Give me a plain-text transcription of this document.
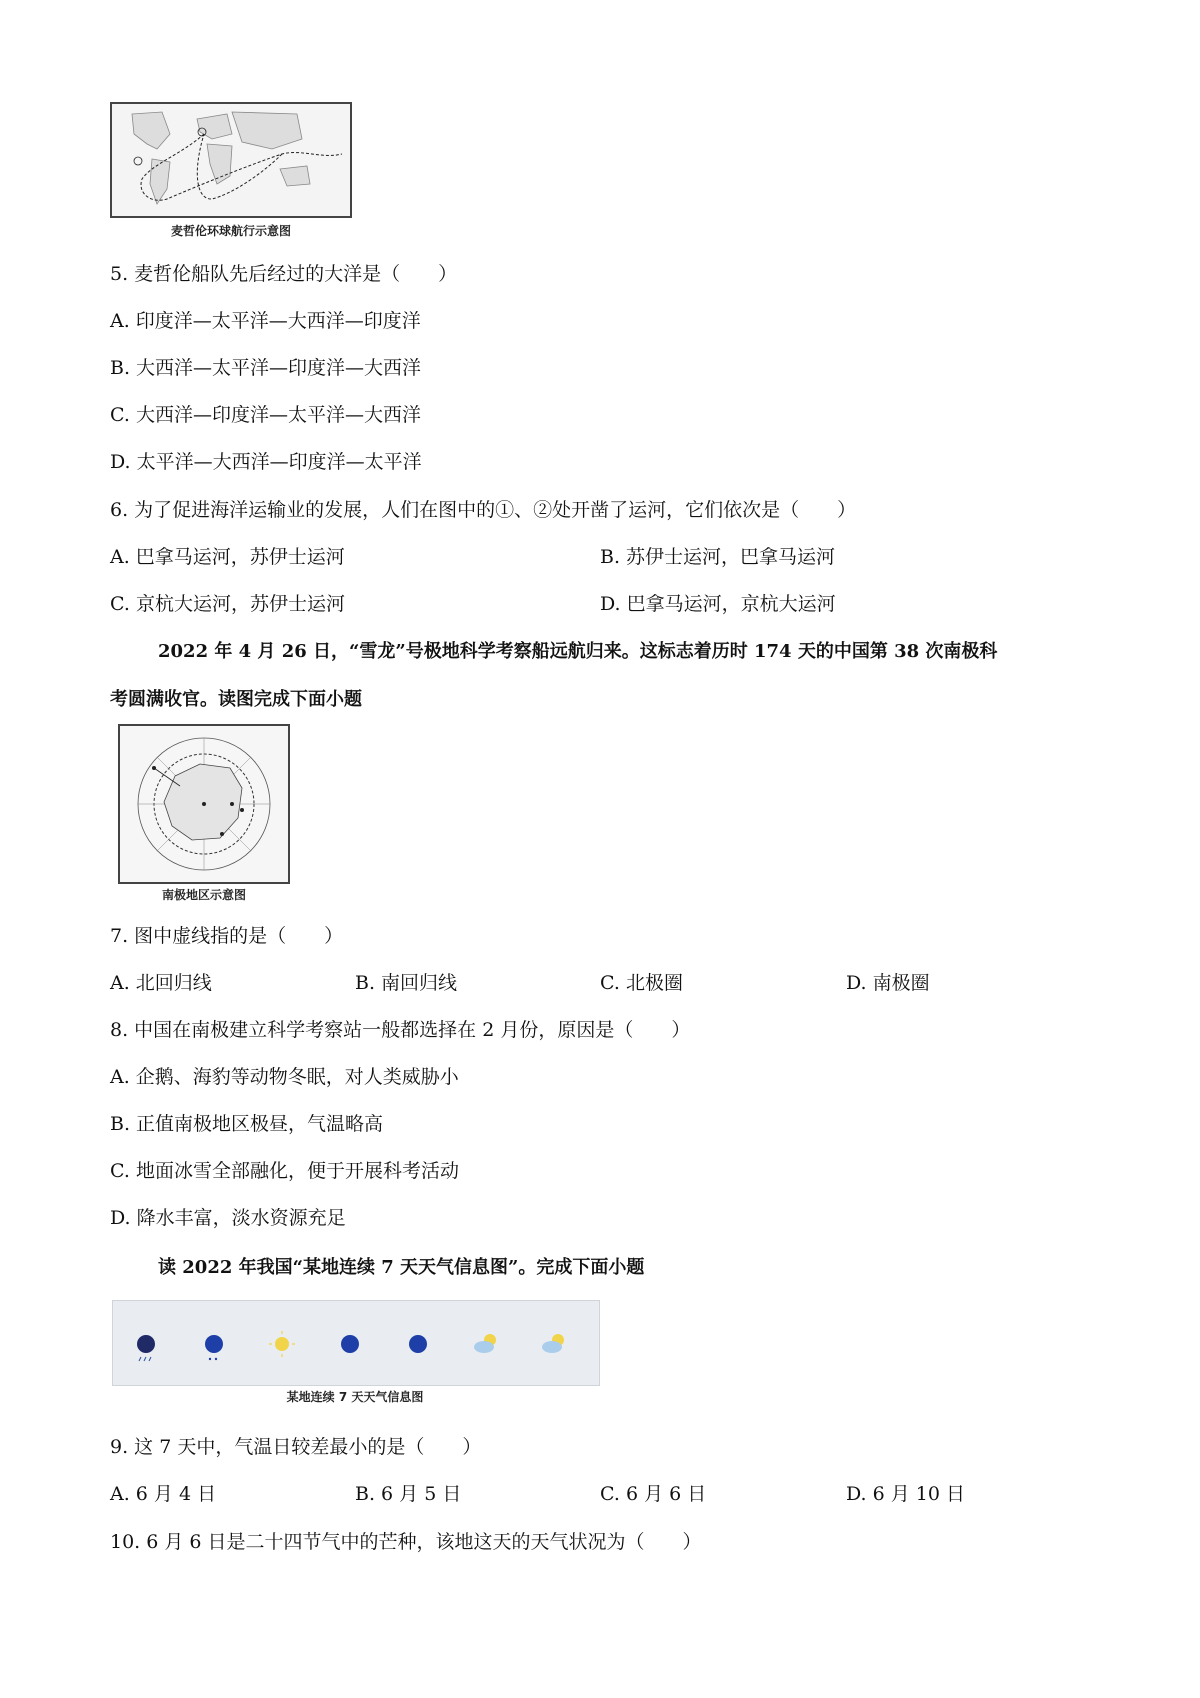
麦哲伦环球航行示意图
5. 麦哲伦船队先后经过的大洋是（　　）
A. 印度洋—太平洋—大西洋—印度洋
B. 大西洋—太平洋—印度洋—大西洋
C. 大西洋—印度洋—太平洋—大西洋
D. 太平洋—大西洋—印度洋—太平洋
6. 为了促进海洋运输业的发展，人们在图中的①、②处开凿了运河，它们依次是（　　）
A. 巴拿马运河，苏伊士运河	B. 苏伊士运河，巴拿马运河
C. 京杭大运河，苏伊士运河	D. 巴拿马运河，京杭大运河
2022 年 4 月 26 日，“雪龙”号极地科学考察船远航归来。这标志着历时 174 天的中国第 38 次南极科
考圆满收官。读图完成下面小题
南极地区示意图
7. 图中虚线指的是（　　）
A. 北回归线	B. 南回归线	C. 北极圈	D. 南极圈
8. 中国在南极建立科学考察站一般都选择在 2 月份，原因是（　　）
A. 企鹅、海豹等动物冬眠，对人类威胁小
B. 正值南极地区极昼，气温略高
C. 地面冰雪全部融化，便于开展科考活动
D. 降水丰富，淡水资源充足
读 2022 年我国“某地连续 7 天天气信息图”。完成下面小题
某地连续 7 天天气信息图
9. 这 7 天中，气温日较差最小的是（　　）
A. 6 月 4 日	B. 6 月 5 日	C. 6 月 6 日	D. 6 月 10 日
10. 6 月 6 日是二十四节气中的芒种，该地这天的天气状况为（　　）
